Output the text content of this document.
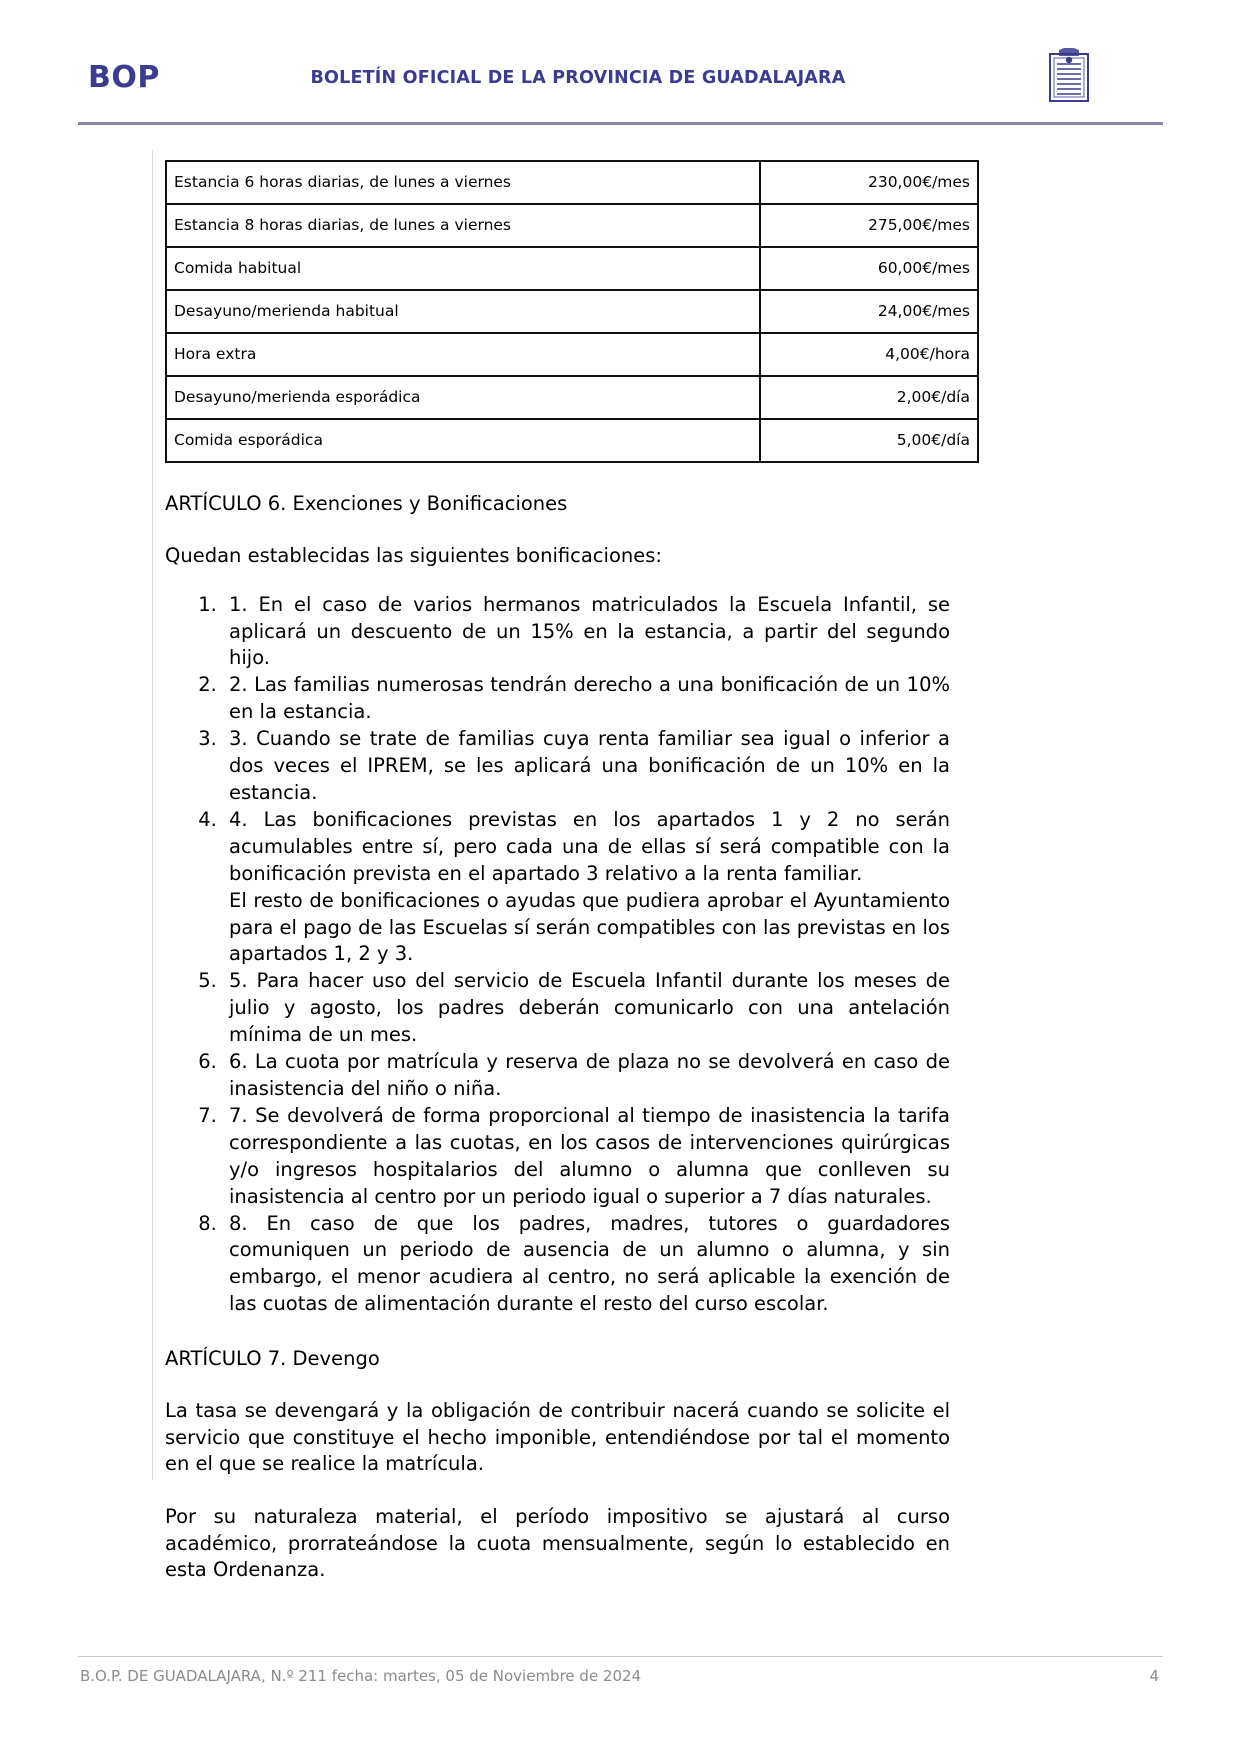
BOP	BOLETÍN OFICIAL DE LA PROVINCIA DE GUADALAJARA
Estancia 6 horas diarias, de lunes a viernes	230,00€/mes
Estancia 8 horas diarias, de lunes a viernes	275,00€/mes
Comida habitual	60,00€/mes
Desayuno/merienda habitual	24,00€/mes
Hora extra	4,00€/hora
Desayuno/merienda esporádica	2,00€/día
Comida esporádica	5,00€/día
ARTÍCULO 6. Exenciones y Bonificaciones

Quedan establecidas las siguientes bonificaciones:

1. 1. En el caso de varios hermanos matriculados la Escuela Infantil, se aplicará un descuento de un 15% en la estancia, a partir del segundo hijo.
2. 2. Las familias numerosas tendrán derecho a una bonificación de un 10% en la estancia.
3. 3. Cuando se trate de familias cuya renta familiar sea igual o inferior a dos veces el IPREM, se les aplicará una bonificación de un 10% en la estancia.
4. 4. Las bonificaciones previstas en los apartados 1 y 2 no serán acumulables entre sí, pero cada una de ellas sí será compatible con la bonificación prevista en el apartado 3 relativo a la renta familiar.
El resto de bonificaciones o ayudas que pudiera aprobar el Ayuntamiento para el pago de las Escuelas sí serán compatibles con las previstas en los apartados 1, 2 y 3.
5. 5. Para hacer uso del servicio de Escuela Infantil durante los meses de julio y agosto, los padres deberán comunicarlo con una antelación mínima de un mes.
6. 6. La cuota por matrícula y reserva de plaza no se devolverá en caso de inasistencia del niño o niña.
7. 7. Se devolverá de forma proporcional al tiempo de inasistencia la tarifa correspondiente a las cuotas, en los casos de intervenciones quirúrgicas y/o ingresos hospitalarios del alumno o alumna que conlleven su inasistencia al centro por un periodo igual o superior a 7 días naturales.
8. 8. En caso de que los padres, madres, tutores o guardadores comuniquen un periodo de ausencia de un alumno o alumna, y sin embargo, el menor acudiera al centro, no será aplicable la exención de las cuotas de alimentación durante el resto del curso escolar.
ARTÍCULO 7. Devengo

La tasa se devengará y la obligación de contribuir nacerá cuando se solicite el servicio que constituye el hecho imponible, entendiéndose por tal el momento en el que se realice la matrícula.

Por su naturaleza material, el período impositivo se ajustará al curso académico, prorrateándose la cuota mensualmente, según lo establecido en esta Ordenanza.

B.O.P. DE GUADALAJARA, N.º 211 fecha: martes, 05 de Noviembre de 2024	4
